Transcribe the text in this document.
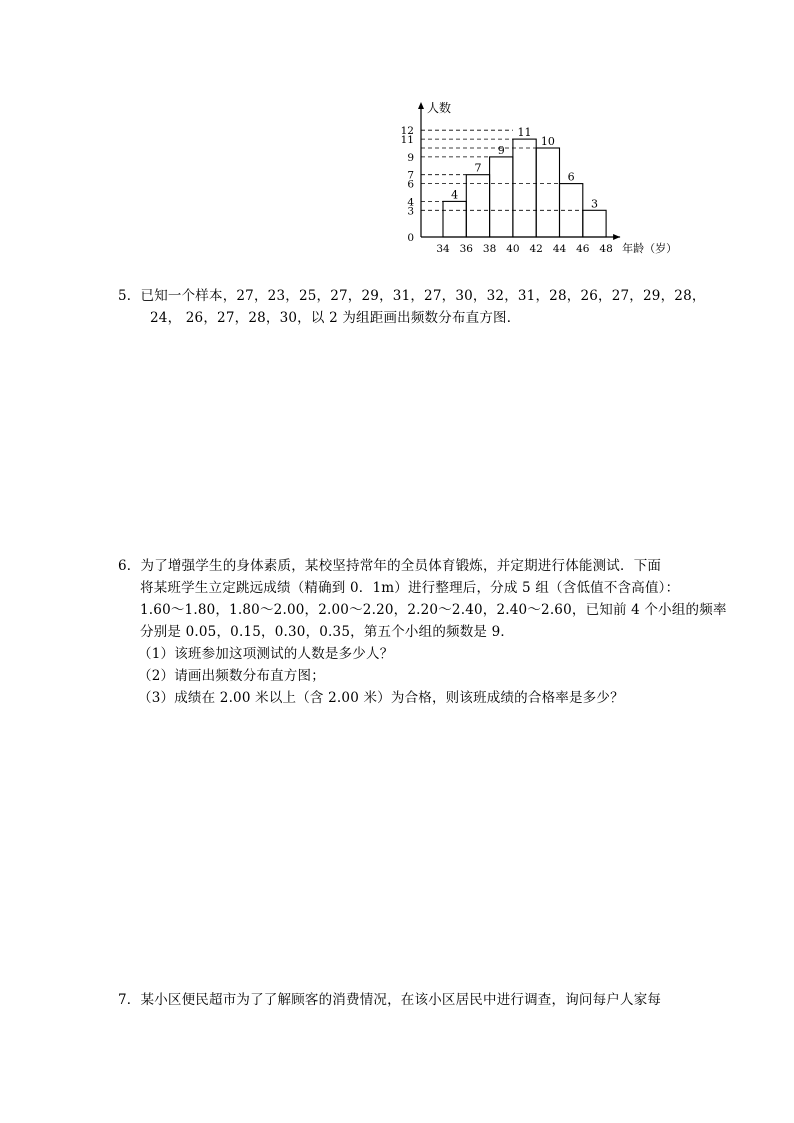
人数
年龄（岁）
4
7
9
11
10
6
3
0
3
4
6
7
9
11
12
34 36 38 40 42 44 46 48
5．已知一个样本，27，23，25，27，29，31，27，30，32，31，28，26，27，29，28，
24， 26，27，28，30，以 2 为组距画出频数分布直方图．
6．为了增强学生的身体素质，某校坚持常年的全员体育锻炼，并定期进行体能测试．下面
将某班学生立定跳远成绩（精确到 0．1m）进行整理后，分成 5 组（含低值不含高值）：
1.60～1.80，1.80～2.00，2.00～2.20，2.20～2.40，2.40～2.60，已知前 4 个小组的频率
分别是 0.05，0.15，0.30，0.35，第五个小组的频数是 9．
（1）该班参加这项测试的人数是多少人？
（2）请画出频数分布直方图；
（3）成绩在 2.00 米以上（含 2.00 米）为合格，则该班成绩的合格率是多少？
7．某小区便民超市为了了解顾客的消费情况，在该小区居民中进行调查，询问每户人家每
